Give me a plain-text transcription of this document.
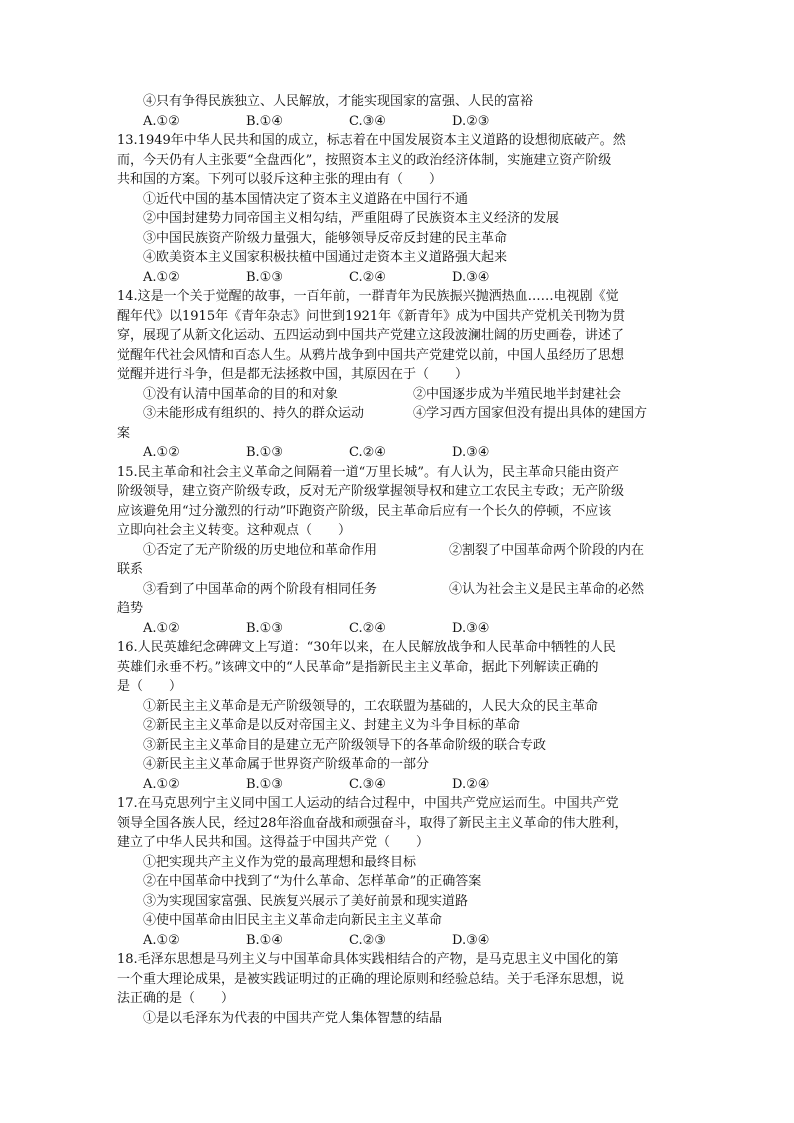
④只有争得民族独立、人民解放，才能实现国家的富强、人民的富裕
A.①②	B.①④	C.③④	D.②③
13.1949年中华人民共和国的成立，标志着在中国发展资本主义道路的设想彻底破产。然
而，今天仍有人主张要“全盘西化”，按照资本主义的政治经济体制，实施建立资产阶级
共和国的方案。下列可以驳斥这种主张的理由有（　　）
①近代中国的基本国情决定了资本主义道路在中国行不通
②中国封建势力同帝国主义相勾结，严重阻碍了民族资本主义经济的发展
③中国民族资产阶级力量强大，能够领导反帝反封建的民主革命
④欧美资本主义国家积极扶植中国通过走资本主义道路强大起来
A.①②	B.①③	C.②④	D.③④
14.这是一个关于觉醒的故事，一百年前，一群青年为民族振兴抛洒热血……电视剧《觉
醒年代》以1915年《青年杂志》问世到1921年《新青年》成为中国共产党机关刊物为贯
穿，展现了从新文化运动、五四运动到中国共产党建立这段波澜壮阔的历史画卷，讲述了
觉醒年代社会风情和百态人生。从鸦片战争到中国共产党建党以前，中国人虽经历了思想
觉醒并进行斗争，但是都无法拯救中国，其原因在于（　　）
①没有认清中国革命的目的和对象	②中国逐步成为半殖民地半封建社会
③未能形成有组织的、持久的群众运动	④学习西方国家但没有提出具体的建国方
案
A.①②	B.①③	C.②④	D.③④
15.民主革命和社会主义革命之间隔着一道“万里长城”。有人认为，民主革命只能由资产
阶级领导，建立资产阶级专政，反对无产阶级掌握领导权和建立工农民主专政；无产阶级
应该避免用“过分激烈的行动”吓跑资产阶级，民主革命后应有一个长久的停顿，不应该
立即向社会主义转变。这种观点（　　）
①否定了无产阶级的历史地位和革命作用	②割裂了中国革命两个阶段的内在
联系
③看到了中国革命的两个阶段有相同任务	④认为社会主义是民主革命的必然
趋势
A.①②	B.①③	C.②④	D.③④
16.人民英雄纪念碑碑文上写道：“30年以来，在人民解放战争和人民革命中牺牲的人民
英雄们永垂不朽。”该碑文中的“人民革命”是指新民主主义革命，据此下列解读正确的
是（　　）
①新民主主义革命是无产阶级领导的，工农联盟为基础的，人民大众的民主革命
②新民主主义革命是以反对帝国主义、封建主义为斗争目标的革命
③新民主主义革命目的是建立无产阶级领导下的各革命阶级的联合专政
④新民主主义革命属于世界资产阶级革命的一部分
A.①②	B.①③	C.③④	D.②④
17.在马克思列宁主义同中国工人运动的结合过程中，中国共产党应运而生。中国共产党
领导全国各族人民，经过28年浴血奋战和顽强奋斗，取得了新民主主义革命的伟大胜利，
建立了中华人民共和国。这得益于中国共产党（　　）
①把实现共产主义作为党的最高理想和最终目标
②在中国革命中找到了“为什么革命、怎样革命”的正确答案
③为实现国家富强、民族复兴展示了美好前景和现实道路
④使中国革命由旧民主主义革命走向新民主主义革命
A.①②	B.①④	C.②③	D.③④
18.毛泽东思想是马列主义与中国革命具体实践相结合的产物，是马克思主义中国化的第
一个重大理论成果，是被实践证明过的正确的理论原则和经验总结。关于毛泽东思想，说
法正确的是（　　）
①是以毛泽东为代表的中国共产党人集体智慧的结晶
